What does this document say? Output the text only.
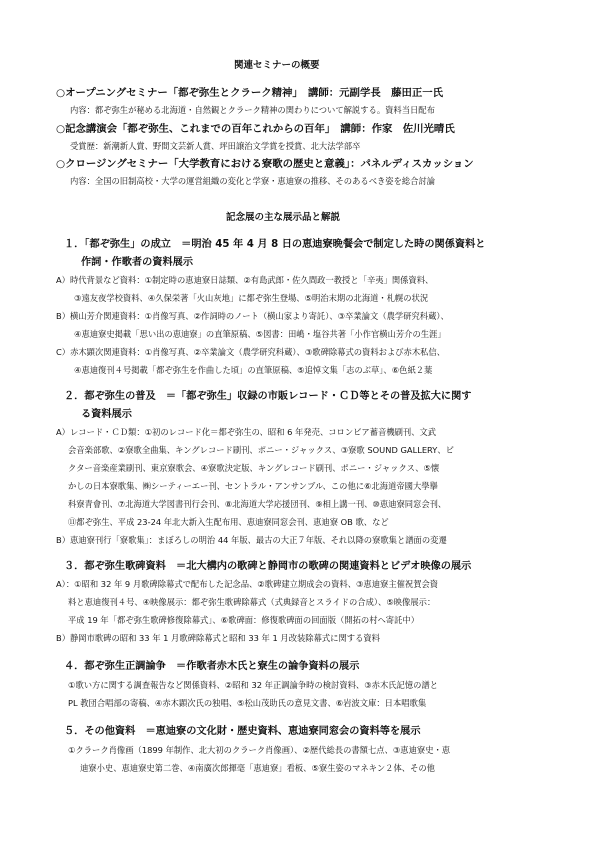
関連セミナーの概要
○オープニングセミナー「都ぞ弥生とクラーク精神」　講師：元副学長　藤田正一氏
内容：都ぞ弥生が秘める北海道・自然観とクラーク精神の関わりについて解説する。資料当日配布
○記念講演会「都ぞ弥生、これまでの百年これからの百年」　講師：作家　佐川光晴氏
受賞歴：新潮新人賞、野間文芸新人賞、坪田譲治文学賞を授賞、北大法学部卒
○クロージングセミナー「大学教育における寮歌の歴史と意義」：パネルディスカッション
内容：全国の旧制高校・大学の運営組織の変化と学寮・恵迪寮の推移、そのあるべき姿を総合討論
記念展の主な展示品と解説
１．「都ぞ弥生」の成立　＝明治 45 年 4 月 8 日の恵迪寮晩餐会で制定した時の関係資料と
作詞・作歌者の資料展示
A）時代背景など資料：①制定時の恵迪寮日誌類、②有島武郎・佐久間政一教授と「辛夷」関係資料、
③遠友夜学校資料、④久保栄著「火山灰地」に都ぞ弥生登場、⑤明治末期の北海道・札幌の状況
B）横山芳介関連資料：①肖像写真、②作詞時のノート（横山家より寄託）、③卒業論文（農学研究科蔵）、
④恵迪寮史掲載「思い出の恵迪寮」の直筆原稿、⑤図書：田嶋・塩谷共著「小作官横山芳介の生涯」
C）赤木顕次関連資料：①肖像写真、②卒業論文（農学研究科蔵）、③歌碑除幕式の資料および赤木私信、
④恵迪復刊４号掲載「都ぞ弥生を作曲した頃」の直筆原稿、⑤追悼文集「志のぶ草」、⑥色紙２葉
２．都ぞ弥生の普及　＝「都ぞ弥生」収録の市販レコード・ＣＤ等とその普及拡大に関す
る資料展示
A）レコード・ＣＤ類：①初のレコード化＝都ぞ弥生の、昭和 6 年発売、コロンビア蓄音機刷刊、文武
会音楽部歌、②寮歌全曲集、キングレコード刷刊、ポニー・ジャックス、③寮歌 SOUND GALLERY、ビ
クター音楽産業刷刊、東京寮歌会、④寮歌決定版、キングレコード刷刊、ポニー・ジャックス、⑤懐
かしの日本寮歌集、㈱シーティーエー刊、セントラル・アンサンブル、この他に⑥北海道帝國大學擧
科寮青會刊、⑦北海道大学図書刊行会刊、⑧北海道大学応援団刊、⑨相上講一刊、⑩恵迪寮同窓会刊、
⑪都ぞ弥生、平成 23-24 年北大新入生配布用、恵迪寮同窓会刊、恵迪寮 OB 歌、など
B）恵迪寮刊行「寮歌集」：まぼろしの明治 44 年版、最古の大正７年版、それ以降の寮歌集と譜面の変遷
３．都ぞ弥生歌碑資料　＝北大構内の歌碑と静岡市の歌碑の関連資料とビデオ映像の展示
A）：①昭和 32 年 9 月歌碑除幕式で配布した記念品、②歌碑建立期成会の資料、③恵迪寮主催祝賀会資
料と恵迪復刊４号、④映像展示：都ぞ弥生歌碑除幕式（式典録音とスライドの合成）、⑤映像展示：
平成 19 年「都ぞ弥生歌碑修復除幕式」、⑥歌碑面：修復歌碑面の回面版（開拓の村へ寄託中）
B）静岡市歌碑の昭和 33 年 1 月歌碑除幕式と昭和 33 年 1 月改装除幕式に関する資料
４．都ぞ弥生正調論争　＝作歌者赤木氏と寮生の論争資料の展示
①歌い方に関する調査報告など関係資料、②昭和 32 年正調論争時の検討資料、③赤木氏記憶の譜と
PL 教団合唱部の寄稿、④赤木顕次氏の独唱、⑤松山茂助氏の意見文書、⑥岩波文庫：日本唱歌集
５．その他資料　＝恵迪寮の文化財・歴史資料、恵迪寮同窓会の資料等を展示
①クラーク肖像画（1899 年制作、北大初のクラーク肖像画）、②歴代総長の書額七点、③恵迪寮史・恵
迪寮小史、恵迪寮史第二巻、④南廣次郎揮毫「恵迪寮」看板、⑤寮生姿のマネキン２体、その他
